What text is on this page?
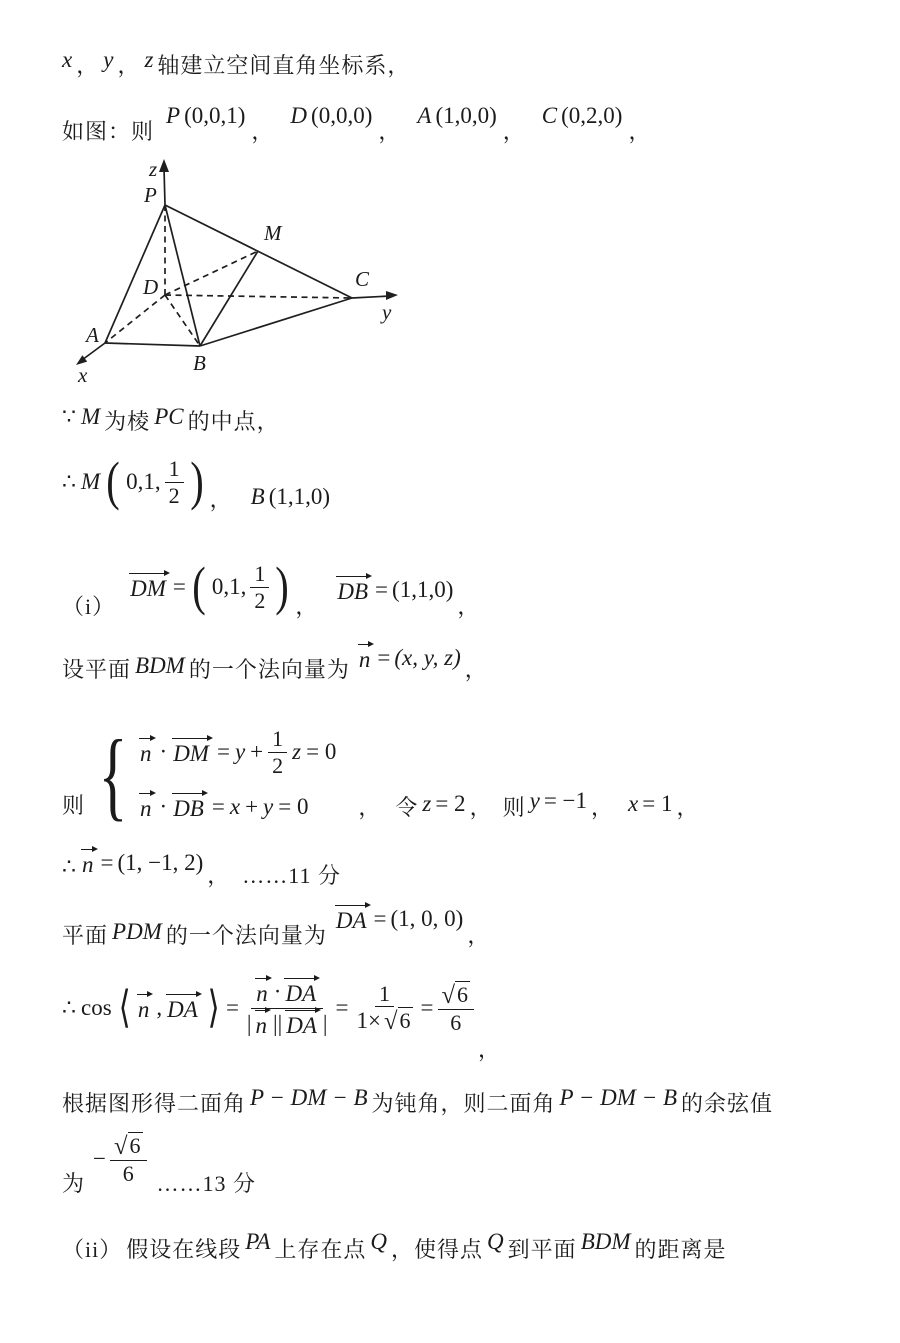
x ， y ， z 轴建立空间直角坐标系，
如图：则
P (0,0,1)
，
D (0,0,0)
，
A (1,0,0)
，
C (0,2,0)
，
z
P
M
D	C
y
A
x	B
∵ M 为棱 PC 的中点，
∴ M ( 0,1, $\frac{1}{2}$ ) ， B (1,1,0)
（i）
DM = ( 0,1, $\frac{1}{2}$ ) ，
DB = (1,1,0)
，
设平面 BDM 的一个法向量为 n = (x, y, z) ，
则 { n · DM = $y + \frac{1}{2}$ z = 0
n · DB = x + y = 0 ， 令 z = 2 ， 则 y = −1 ， x = 1 ，
∴ n = (1, −1, 2)
， ……11 分
平面 PDM 的一个法向量为
DA = (1, 0, 0)
，
∴ cos ⟨ n , DA ⟩ = $\frac{n \cdot DA}{| n || DA |} = \frac{1}{1\times √ 6} = \frac{√ 6}{6}$
，
根据图形得二面角 P − DM − B 为钝角，则二面角 P − DM − B 的余弦值
为
− $\frac{√ 6}{6}$ ……13 分
（ii） 假设在线段 PA 上存在点 Q ，使得点 Q 到平面 BDM 的距离是
